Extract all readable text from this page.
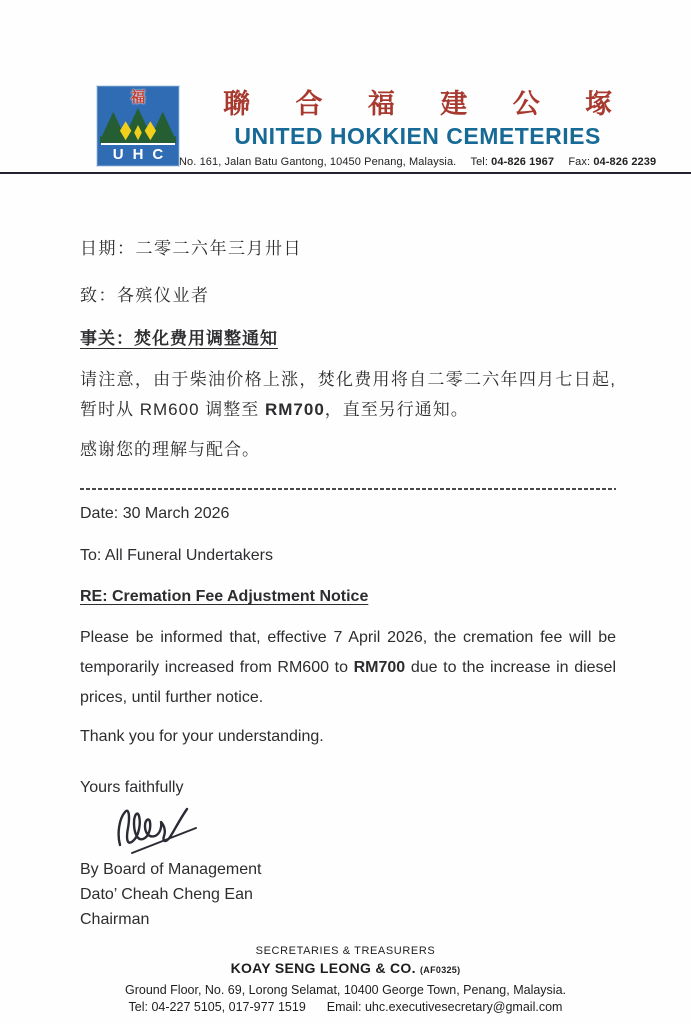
福
UHC
聯 合 福 建 公 塚
UNITED HOKKIEN CEMETERIES
No. 161, Jalan Batu Gantong, 10450 Penang, Malaysia. Tel: 04-826 1967 Fax: 04-826 2239
日期：二零二六年三月卅日
致：各殡仪业者
事关：焚化费用调整通知

请注意，由于柴油价格上涨，焚化费用将自二零二六年四月七日起,暂时从 RM600 调整至 RM700，直至另行通知。

感谢您的理解与配合。
Date: 30 March 2026
To: All Funeral Undertakers
RE: Cremation Fee Adjustment Notice

Please be informed that, effective 7 April 2026, the cremation fee will be temporarily increased from RM600 to RM700 due to the increase in diesel prices, until further notice.

Thank you for your understanding.
Yours faithfully
By Board of Management
Dato’ Cheah Cheng Ean
Chairman
SECRETARIES & TREASURERS
KOAY SENG LEONG & CO. (AF0325)
Ground Floor, No. 69, Lorong Selamat, 10400 George Town, Penang, Malaysia.
Tel: 04-227 5105, 017-977 1519 Email: uhc.executivesecretary@gmail.com
